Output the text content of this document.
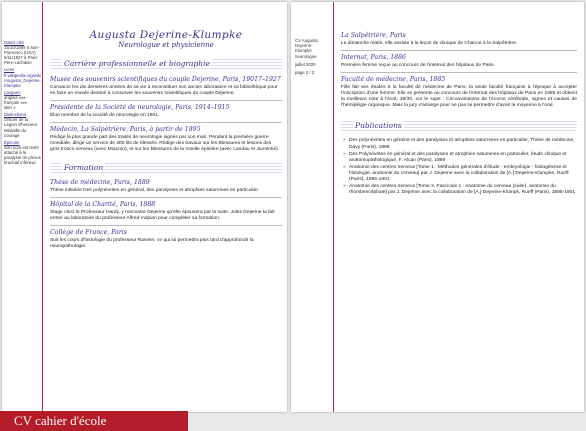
Dates clés
15/10/1859 à San-Francisco (USA)
5/11/1927 à Paris
Père-Lachaise
Liens
fr.wikipedia.org/wiki/Augusta_Dejerine-Klumpke
Langues
anglais ●●●
français ●●●
latin ●
Distinctions
Officier de la Légion d'honneur. Médaille du courage
Épicurie
Son nom est resté attaché à la paralysie du plexus brachial inférieur.
Augusta Dejerine-Klumpke
Neurologue et physicienne
Carrière professionnelle et biographie
Musée des souvenirs scientifiques du couple Dejerine, Paris, 19017–1927
Consacre les dix dernières années de sa vie à reconstituer son ancien laboratoire et sa bibliothèque pour en faire un musée destiné à conserver les souvenirs scientifiques du couple Dejerine.
Présidente de la Société de neurologie, Paris, 1914–1915
Élue membre de la société de neurologie en 1901.
Médecin, La Salpêtrière, Paris, à partir de 1895
Rédige la plus grande part des traités de neurologie signés par son mari. Pendant la première guerre mondiale, dirige un service de 300 lits de blessés. Rédige des travaux sur les Blessures et lésions des gros troncs nerveux (avec Mouzon), et sur les Blessures de la moelle épinière (avec Landau et Jumentié).
Formation
Thèse de médecine, Paris, 1889
Thèse intitulée Des polynévrites en général, des paralysies et atrophies saturnines en particulier.
Hôpital de la Charité, Paris, 1888
Stage chez le Professeur Hardy, y rencontre Dejerine qu'elle épousera par la suite. Jules Dejerine la fait entrer au laboratoire du professeur Alfred Vulpian pour compléter sa formation.
Collège de France, Paris
Suit les cours d'histologie du professeur Ranvier, ce qui lui permettra plus tard d'approfondir la neuropathologie.
CV Augusta Dejerine-Klumpke
neurologue
juillet 2020
page 2 / 2
La Salpêtrière, Paris
Le dimanche matin, elle assiste à la leçon de clinique de Charcot à la Salpêtrière.
Internat, Paris, 1886
Première femme reçue au concours de l'internat des hôpitaux de Paris.
Faculté de médecine, Paris, 1885
Fille fait ses études à la faculté de médecine de Paris, la seule faculté française à l'époque à accepter l'inscription d'une femme. Elle se présente au concours de l'internat des hôpitaux de Paris en 1885 et obtient la meilleure note à l'écrit, 29/30, sur le sujet : Circonvolutions de l'écorce cérébrale, signes et causes de l'hémiplégie organique. Mais la jury s'arrange pour ne pas lui permettre d'avoir la moyenne à l'oral.
Publications
» Des polynévrites en général et des paralysies et atrophies saturnines en particulier, Thèse de médecine, Davy (Paris), 1889
» Des Polynévrites en général et des paralysies et atrophies saturnines en particulier, étude clinique et anatomopathologique, F. Alcan (Paris), 1889
» Anatomie des centres nerveux [Tome 1 : Méthodes générales d'étude - embryologie - histogénèse et histologie, anatomie du cerveau] par J. Dejerine avec la collaboration de [A.] Dejerine-Klumpke, Rueff (Paris), 1895-1901
» Anatomie des centres nerveux [Tome 2, Fascicule 1 : Anatomie du cerveau (suite), anatomie du rhombencéphale] par J. Dejerine avec la collaboration de [A.] Dejerine-Klumpk, Rueff (Paris), 1895-1901
CV cahier d'école
